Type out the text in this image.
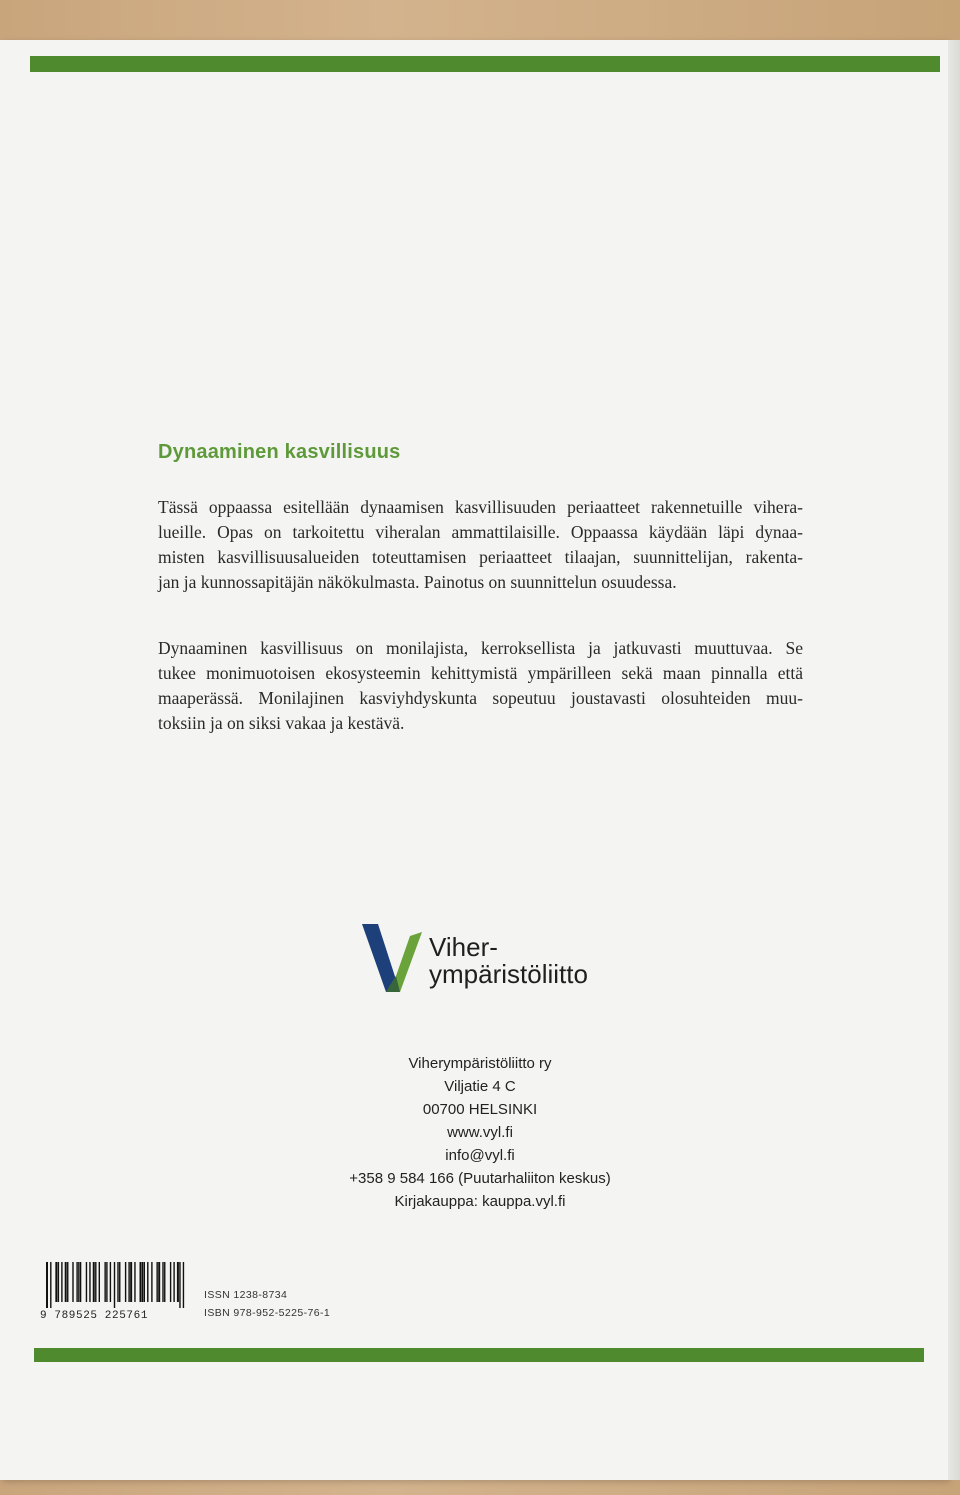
Dynaaminen kasvillisuus
Tässä oppaassa esitellään dynaamisen kasvillisuuden periaatteet rakennetuille vihera-
lueille. Opas on tarkoitettu viheralan ammattilaisille. Oppaassa käydään läpi dynaa-
misten kasvillisuusalueiden toteuttamisen periaatteet tilaajan, suunnittelijan, rakenta-
jan ja kunnossapitäjän näkökulmasta. Painotus on suunnittelun osuudessa.
Dynaaminen kasvillisuus on monilajista, kerroksellista ja jatkuvasti muuttuvaa. Se
tukee monimuotoisen ekosysteemin kehittymistä ympärilleen sekä maan pinnalla että
maaperässä. Monilajinen kasviyhdyskunta sopeutuu joustavasti olosuhteiden muu-
toksiin ja on siksi vakaa ja kestävä.
Viher-
ympäristöliitto
Viherympäristöliitto ry
Viljatie 4 C
00700 HELSINKI
www.vyl.fi
info@vyl.fi
+358 9 584 166 (Puutarhaliiton keskus)
Kirjakauppa: kauppa.vyl.fi
9 789525 225761
ISSN 1238-8734
ISBN 978-952-5225-76-1
